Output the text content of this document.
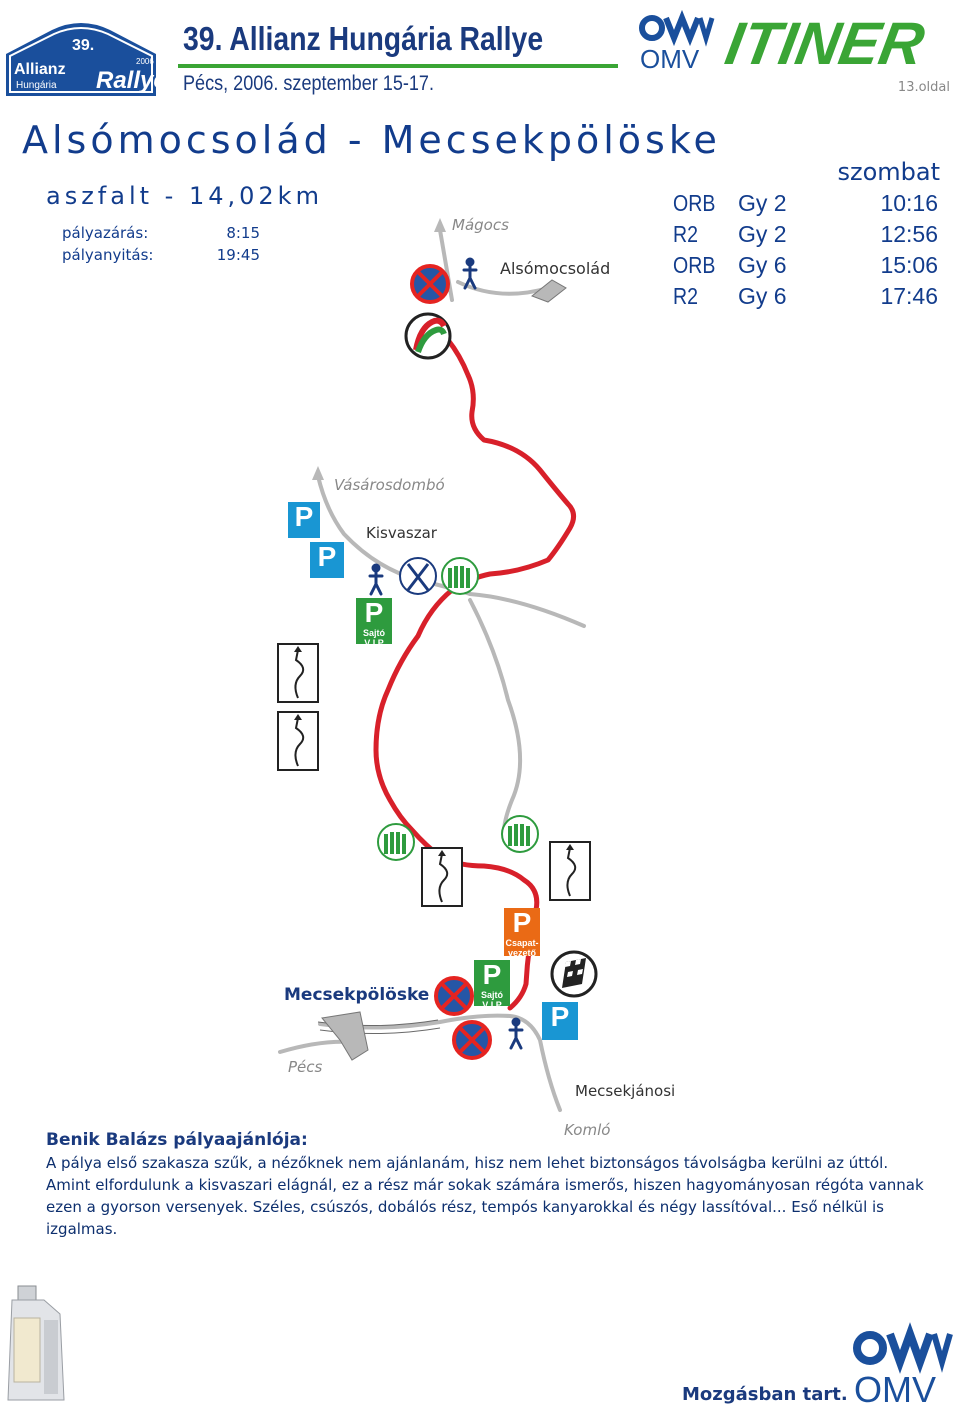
39.
Allianz
Hungária Rallye
2006
39. Allianz Hungária Rallye
Pécs, 2006. szeptember 15-17.
OMV ITINER
13.oldal
Alsómocsolád - Mecsekpölöske
aszfalt - 14,02km
pályazárás:	8:15
pályanyitás:	19:45
szombat
ORB Gy 2	10:16
R2 Gy 2	12:56
ORB Gy 6	15:06
R2 Gy 6	17:46
P
P
P
Sajtó
V I P
P
Csapat-
vezető
P
Sajtó
V I P	P
Mágocs
Alsómocsolád
Vásárosdombó
Kisvaszar
Mecsekpölöske
Pécs
Mecsekjánosi
Komló
Benik Balázs pályaajánlója:
A pálya első szakasza szűk, a nézőknek nem ajánlanám, hisz nem lehet biztonságos távolságba kerülni az úttól. Amint elfordulunk a kisvaszari elágnál, ez a rész már sokak számára ismerős, hiszen hagyományosan régóta vannak ezen a gyorson versenyek. Széles, csúszós, dobálós rész, tempós kanyarokkal és négy lassítóval... Eső nélkül is izgalmas.
Mozgásban tart. OMV
